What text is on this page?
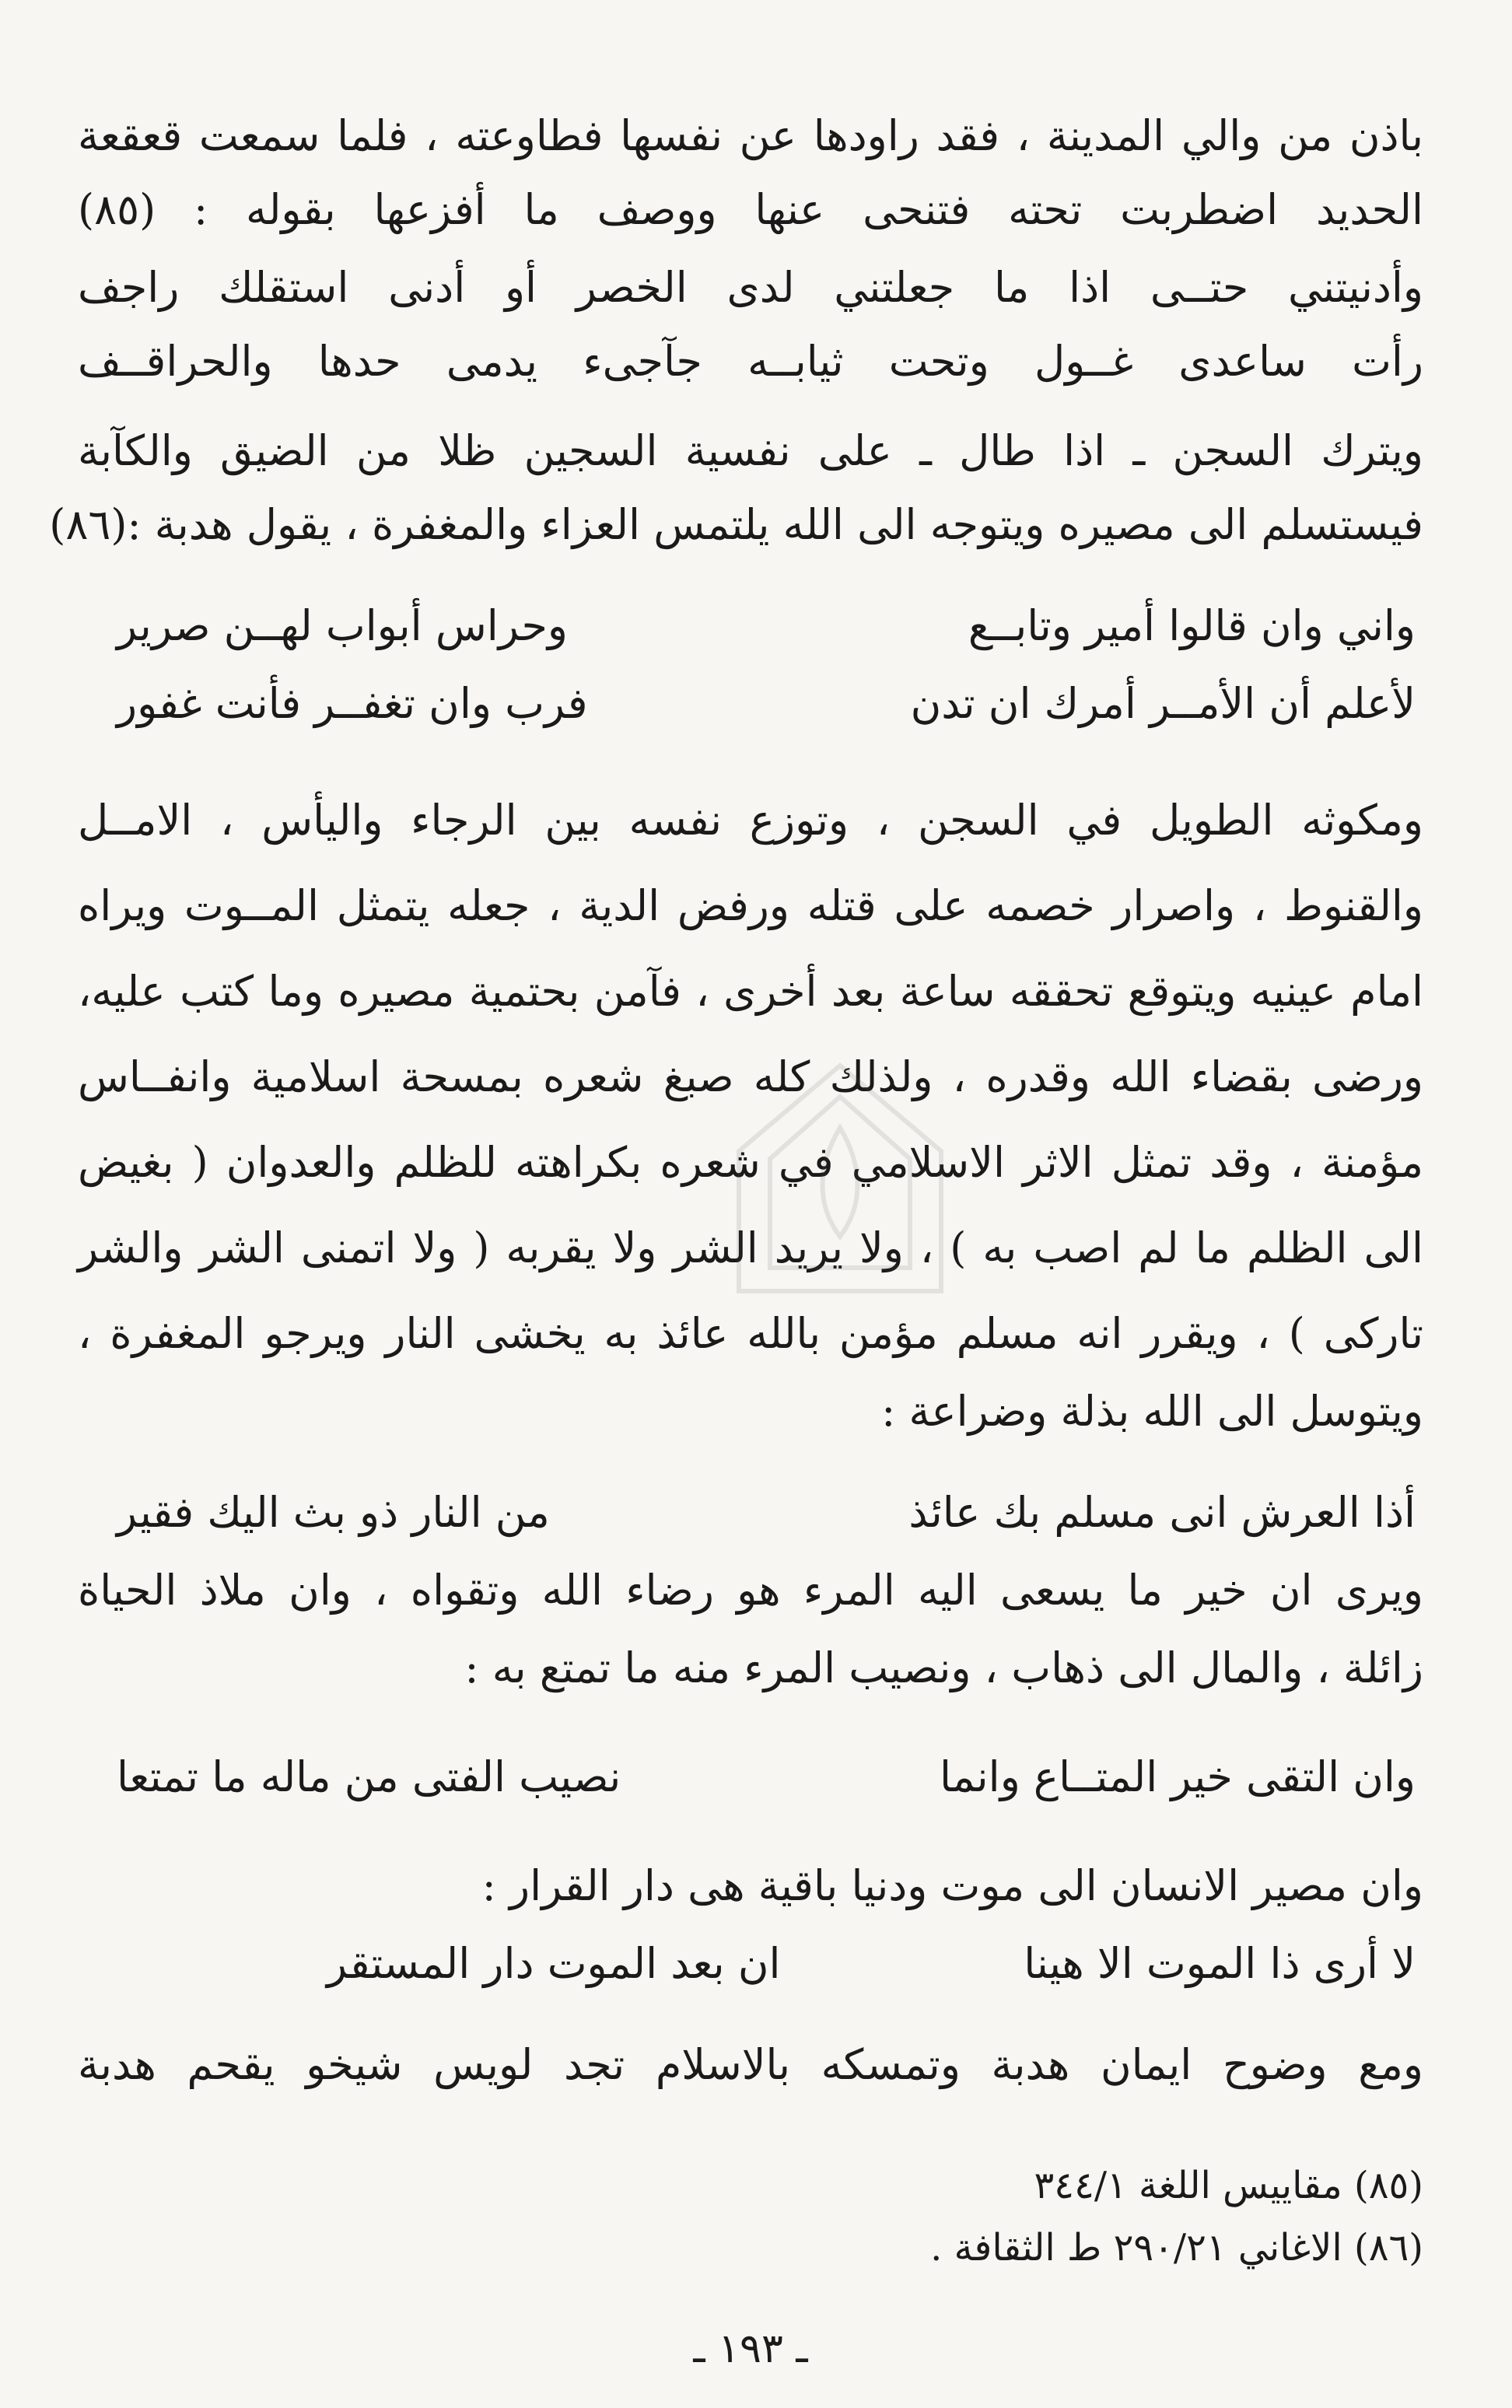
باذن من والي المدينة ، فقد راودها عن نفسها فطاوعته ، فلما سمعت قعقعة
الحديد اضطربت تحته فتنحى عنها ووصف ما أفزعها بقوله : (٨٥)
وأدنيتني حتــى اذا ما جعلتني لدى الخصر أو أدنى استقلك راجف
رأت ساعدى غــول وتحت ثيابــه جآجىء يدمى حدها والحراقــف
ويترك السجن ـ اذا طال ـ على نفسية السجين ظلا من الضيق والكآبة
فيستسلم الى مصيره ويتوجه الى الله يلتمس العزاء والمغفرة ، يقول هدبة :(٨٦)
واني وان قالوا أمير وتابــع
وحراس أبواب لهــن صرير
لأعلم أن الأمــر أمرك ان تدن
فرب وان تغفــر فأنت غفور
ومكوثه الطويل في السجن ، وتوزع نفسه بين الرجاء واليأس ، الامــل
والقنوط ، واصرار خصمه على قتله ورفض الدية ، جعله يتمثل المــوت ويراه
امام عينيه ويتوقع تحققه ساعة بعد أخرى ، فآمن بحتمية مصيره وما كتب عليه،
ورضى بقضاء الله وقدره ، ولذلك كله صبغ شعره بمسحة اسلامية وانفــاس
مؤمنة ، وقد تمثل الاثر الاسلامي في شعره بكراهته للظلم والعدوان ( بغيض
الى الظلم ما لم اصب به ) ، ولا يريد الشر ولا يقربه ( ولا اتمنى الشر والشر
تاركى ) ، ويقرر انه مسلم مؤمن بالله عائذ به يخشى النار ويرجو المغفرة ،
ويتوسل الى الله بذلة وضراعة :
أذا العرش انى مسلم بك عائذ
من النار ذو بث اليك فقير
ويرى ان خير ما يسعى اليه المرء هو رضاء الله وتقواه ، وان ملاذ الحياة
زائلة ، والمال الى ذهاب ، ونصيب المرء منه ما تمتع به :
وان التقى خير المتــاع وانما
نصيب الفتى من ماله ما تمتعا
وان مصير الانسان الى موت ودنيا باقية هى دار القرار :
لا أرى ذا الموت الا هينا
ان بعد الموت دار المستقر
ومع وضوح ايمان هدبة وتمسكه بالاسلام تجد لويس شيخو يقحم هدبة
(٨٥) مقاييس اللغة ٣٤٤/١
(٨٦) الاغاني ٢٩٠/٢١ ط الثقافة .
ـ ١٩٣ ـ
